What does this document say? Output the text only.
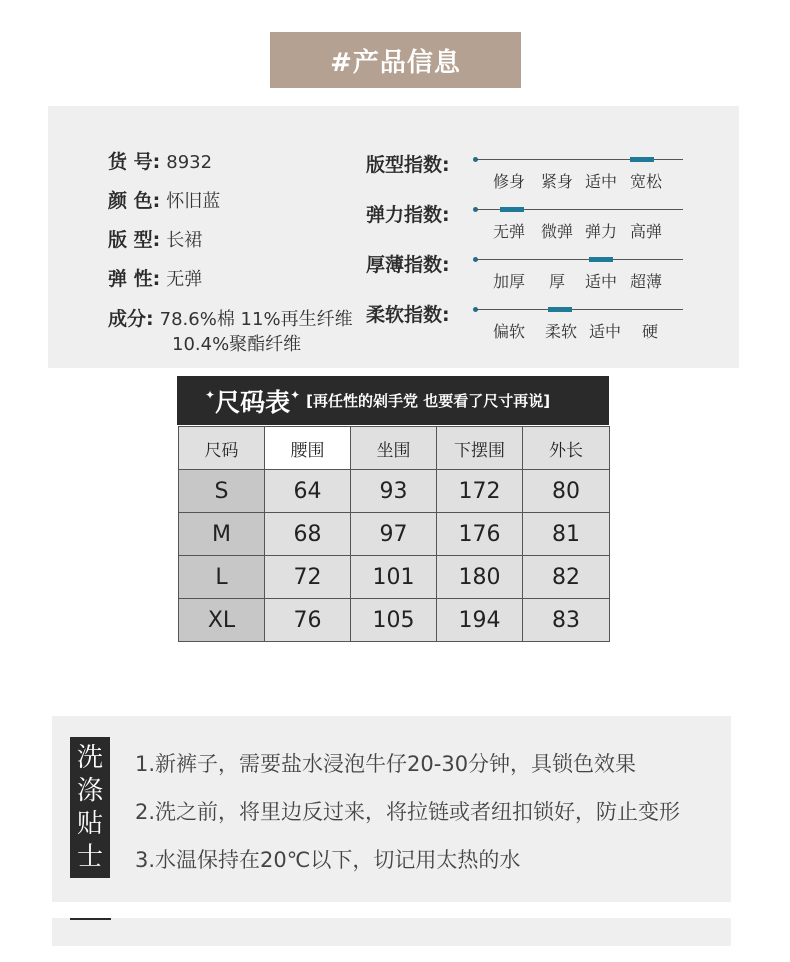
#产品信息
货 号: 8932
颜 色: 怀旧蓝
版 型: 长裙
弹 性: 无弹
成分: 78.6%棉 11%再生纤维
10.4%聚酯纤维
版型指数:
修身 紧身 适中 宽松
弹力指数:
无弹 微弹 弹力 高弹
厚薄指数:
加厚 厚 适中 超薄
柔软指数:
偏软 柔软 适中 硬
✦ 尺码表 ✦ [再任性的剁手党 也要看了尺寸再说]
尺码	腰围	坐围	下摆围	外长
S	64	93	172	80
M	68	97	176	81
L	72	101	180	82
XL	76	105	194	83
洗
涤
贴
士
1.新裤子，需要盐水浸泡牛仔20-30分钟，具锁色效果
2.洗之前，将里边反过来，将拉链或者纽扣锁好，防止变形
3.水温保持在20℃以下，切记用太热的水
